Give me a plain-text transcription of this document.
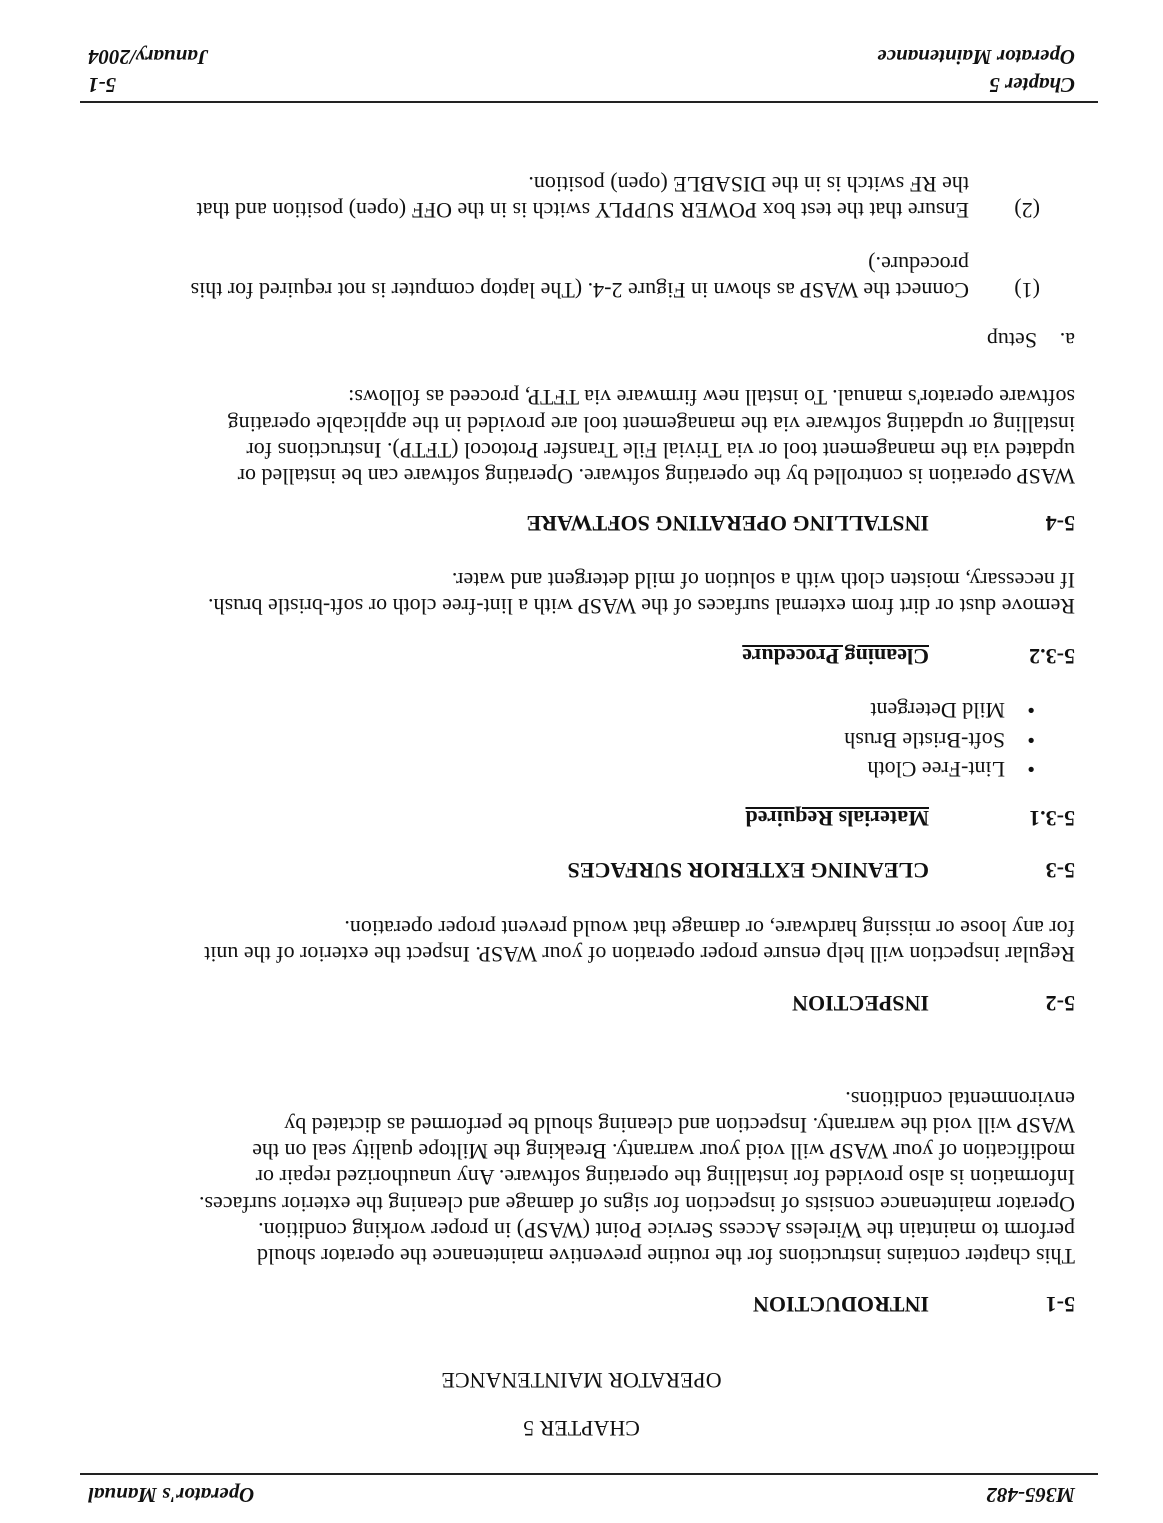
M365-482
Operator's Manual
CHAPTER 5
OPERATOR MAINTENANCE
5-1
INTRODUCTION
This chapter contains instructions for the routine preventive maintenance the operator should
perform to maintain the Wireless Access Service Point (WASP) in proper working condition.
Operator maintenance consists of inspection for signs of damage and cleaning the exterior surfaces.
Information is also provided for installing the operating software. Any unauthorized repair or
modification of your WASP will void your warranty. Breaking the Miltope quality seal on the
WASP will void the warranty. Inspection and cleaning should be performed as dictated by
environmental conditions.
5-2
INSPECTION
Regular inspection will help ensure proper operation of your WASP. Inspect the exterior of the unit
for any loose or missing hardware, or damage that would prevent proper operation.
5-3
CLEANING EXTERIOR SURFACES
5-3.1
Materials Required
•Lint-Free Cloth
•Soft-Bristle Brush
•Mild Detergent
5-3.2
Cleaning Procedure
Remove dust or dirt from external surfaces of the WASP with a lint-free cloth or soft-bristle brush.
If necessary, moisten cloth with a solution of mild detergent and water.
5-4
INSTALLING OPERATING SOFTWARE
WASP operation is controlled by the operating software. Operating software can be installed or
updated via the management tool or via Trivial File Transfer Protocol (TFTP). Instructions for
installing or updating software via the management tool are provided in the applicable operating
software operator's manual. To install new firmware via TFTP, proceed as follows:
a.Setup
(1)
Connect the WASP as shown in Figure 2-4. (The laptop computer is not required for this
procedure.)
(2)
Ensure that the test box POWER SUPPLY switch is in the OFF (open) position and that
the RF switch is in the DISABLE (open) position.
Chapter 5
5-1
Operator Maintenance
January/2004
